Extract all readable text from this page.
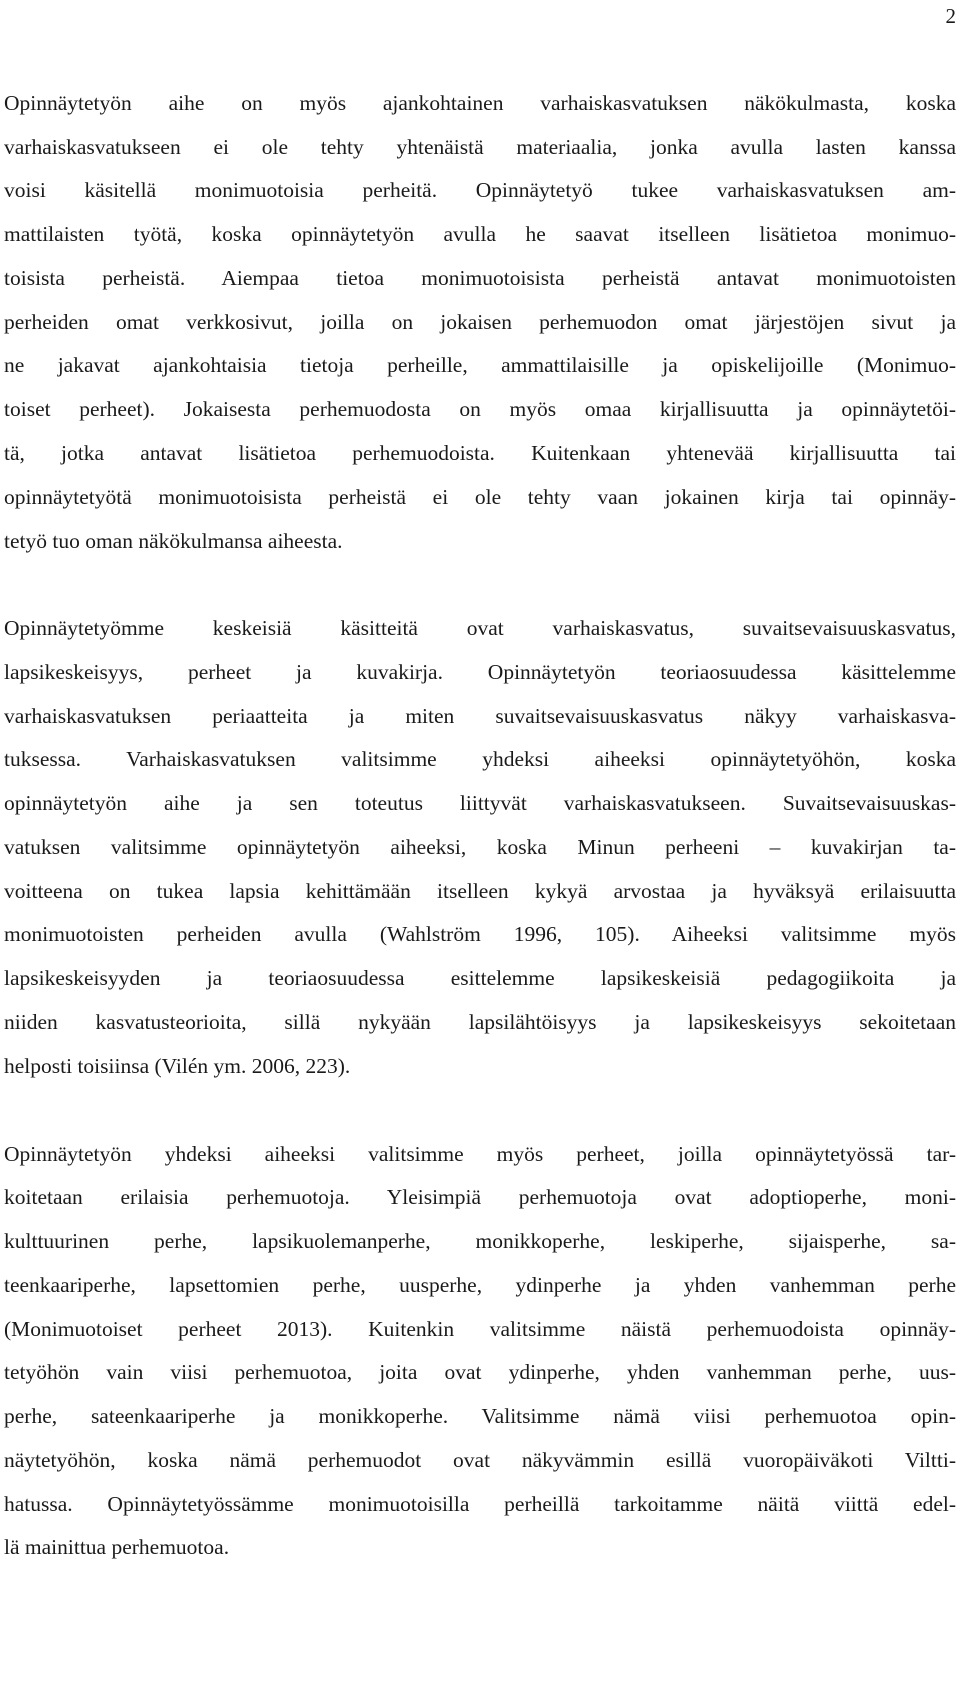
2
Opinnäytetyön aihe on myös ajankohtainen varhaiskasvatuksen näkökulmasta, koska
varhaiskasvatukseen ei ole tehty yhtenäistä materiaalia, jonka avulla lasten kanssa
voisi käsitellä monimuotoisia perheitä. Opinnäytetyö tukee varhaiskasvatuksen am-
mattilaisten työtä, koska opinnäytetyön avulla he saavat itselleen lisätietoa monimuo-
toisista perheistä. Aiempaa tietoa monimuotoisista perheistä antavat monimuotoisten
perheiden omat verkkosivut, joilla on jokaisen perhemuodon omat järjestöjen sivut ja
ne jakavat ajankohtaisia tietoja perheille, ammattilaisille ja opiskelijoille (Monimuo-
toiset perheet). Jokaisesta perhemuodosta on myös omaa kirjallisuutta ja opinnäytetöi-
tä, jotka antavat lisätietoa perhemuodoista. Kuitenkaan yhtenevää kirjallisuutta tai
opinnäytetyötä monimuotoisista perheistä ei ole tehty vaan jokainen kirja tai opinnäy-
tetyö tuo oman näkökulmansa aiheesta.
Opinnäytetyömme keskeisiä käsitteitä ovat varhaiskasvatus, suvaitsevaisuuskasvatus,
lapsikeskeisyys, perheet ja kuvakirja. Opinnäytetyön teoriaosuudessa käsittelemme
varhaiskasvatuksen periaatteita ja miten suvaitsevaisuuskasvatus näkyy varhaiskasva-
tuksessa. Varhaiskasvatuksen valitsimme yhdeksi aiheeksi opinnäytetyöhön, koska
opinnäytetyön aihe ja sen toteutus liittyvät varhaiskasvatukseen. Suvaitsevaisuuskas-
vatuksen valitsimme opinnäytetyön aiheeksi, koska Minun perheeni – kuvakirjan ta-
voitteena on tukea lapsia kehittämään itselleen kykyä arvostaa ja hyväksyä erilaisuutta
monimuotoisten perheiden avulla (Wahlström 1996, 105). Aiheeksi valitsimme myös
lapsikeskeisyyden ja teoriaosuudessa esittelemme lapsikeskeisiä pedagogiikoita ja
niiden kasvatusteorioita, sillä nykyään lapsilähtöisyys ja lapsikeskeisyys sekoitetaan
helposti toisiinsa (Vilén ym. 2006, 223).
Opinnäytetyön yhdeksi aiheeksi valitsimme myös perheet, joilla opinnäytetyössä tar-
koitetaan erilaisia perhemuotoja. Yleisimpiä perhemuotoja ovat adoptioperhe, moni-
kulttuurinen perhe, lapsikuolemanperhe, monikkoperhe, leskiperhe, sijaisperhe, sa-
teenkaariperhe, lapsettomien perhe, uusperhe, ydinperhe ja yhden vanhemman perhe
(Monimuotoiset perheet 2013). Kuitenkin valitsimme näistä perhemuodoista opinnäy-
tetyöhön vain viisi perhemuotoa, joita ovat ydinperhe, yhden vanhemman perhe, uus-
perhe, sateenkaariperhe ja monikkoperhe. Valitsimme nämä viisi perhemuotoa opin-
näytetyöhön, koska nämä perhemuodot ovat näkyvämmin esillä vuoropäiväkoti Viltti-
hatussa. Opinnäytetyössämme monimuotoisilla perheillä tarkoitamme näitä viittä edel-
lä mainittua perhemuotoa.
